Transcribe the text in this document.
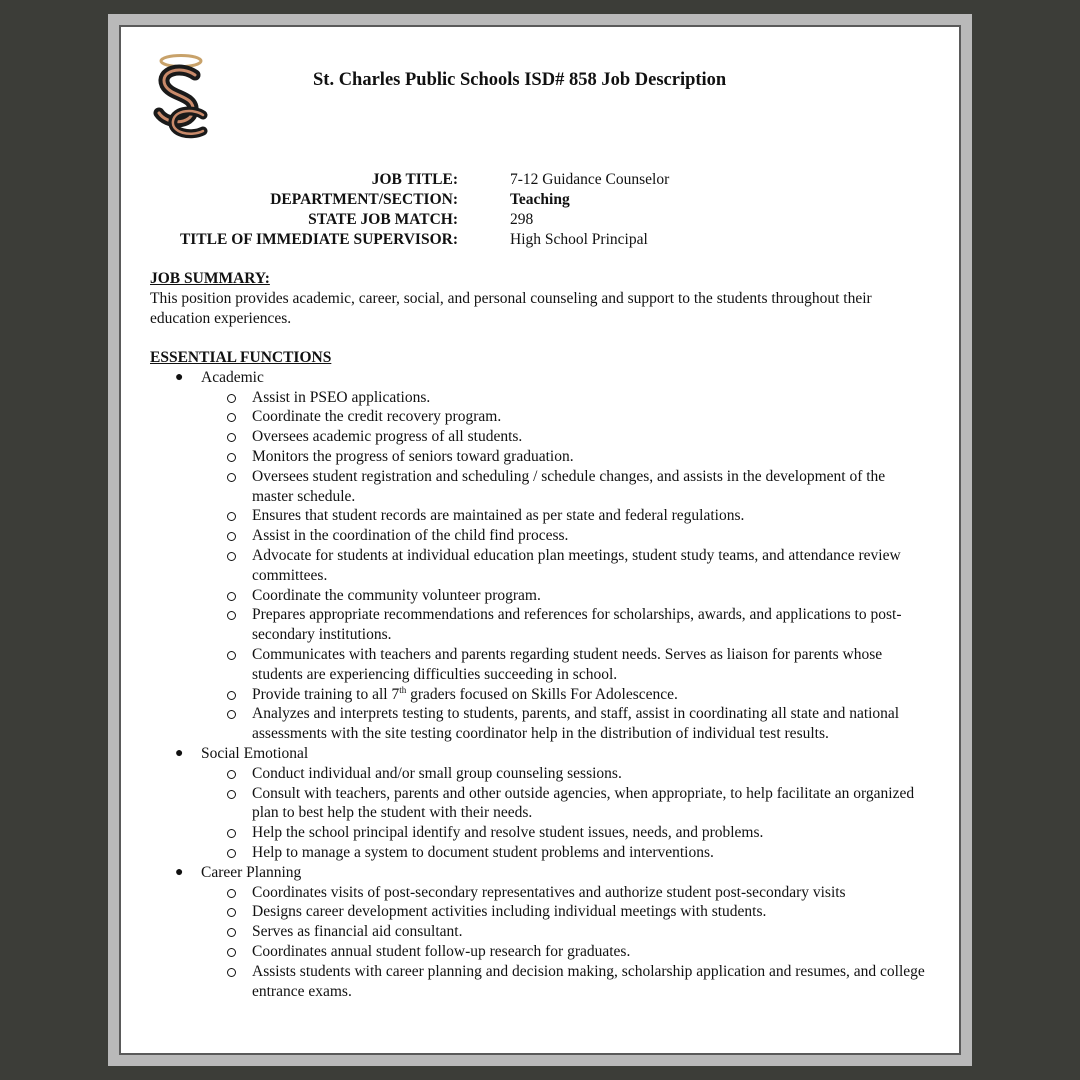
St. Charles Public Schools ISD# 858 Job Description
JOB TITLE:	7-12 Guidance Counselor
DEPARTMENT/SECTION:	Teaching
STATE JOB MATCH:	298
TITLE OF IMMEDIATE SUPERVISOR:	High School Principal
JOB SUMMARY:
This position provides academic, career, social, and personal counseling and support to the students throughout their education experiences.
ESSENTIAL FUNCTIONS
● Academic
Assist in PSEO applications.
Coordinate the credit recovery program.
Oversees academic progress of all students.
Monitors the progress of seniors toward graduation.
Oversees student registration and scheduling / schedule changes, and assists in the development of the master schedule.
Ensures that student records are maintained as per state and federal regulations.
Assist in the coordination of the child find process.
Advocate for students at individual education plan meetings, student study teams, and attendance review committees.
Coordinate the community volunteer program.
Prepares appropriate recommendations and references for scholarships, awards, and applications to post-secondary institutions.
Communicates with teachers and parents regarding student needs. Serves as liaison for parents whose students are experiencing difficulties succeeding in school.
Provide training to all 7th graders focused on Skills For Adolescence.
Analyzes and interprets testing to students, parents, and staff, assist in coordinating all state and national assessments with the site testing coordinator help in the distribution of individual test results.
● Social Emotional
Conduct individual and/or small group counseling sessions.
Consult with teachers, parents and other outside agencies, when appropriate, to help facilitate an organized plan to best help the student with their needs.
Help the school principal identify and resolve student issues, needs, and problems.
Help to manage a system to document student problems and interventions.
● Career Planning
Coordinates visits of post-secondary representatives and authorize student post-secondary visits
Designs career development activities including individual meetings with students.
Serves as financial aid consultant.
Coordinates annual student follow-up research for graduates.
Assists students with career planning and decision making, scholarship application and resumes, and college entrance exams.
